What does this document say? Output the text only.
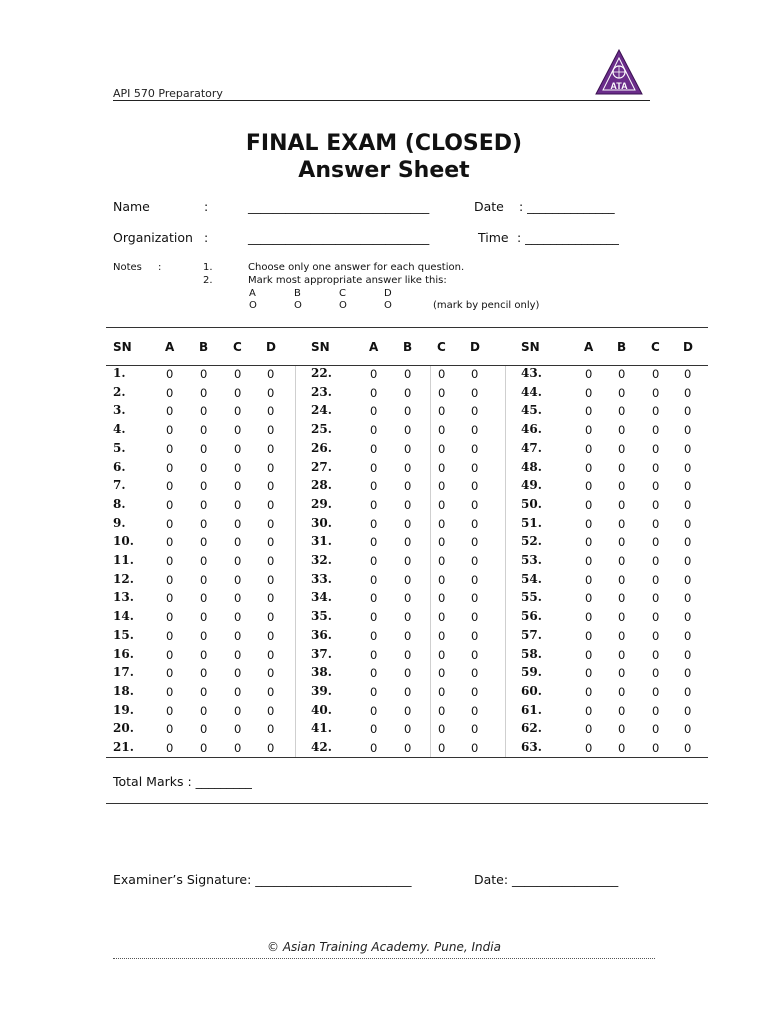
API 570 Preparatory
ATA
FINAL EXAM (CLOSED)
Answer Sheet
Name	:	_____________________________	Date : ______________
Organization :	_____________________________	Time : _______________
Notes :	1.	Choose only one answer for each question.
2.	Mark most appropriate answer like this:
A	B	C	D
O	O	O	O	(mark by pencil only)
SN	A B C D
1.	0 0 0 0
2.	0 0 0 0
3.	0 0 0 0
4.	0 0 0 0
5.	0 0 0 0
6.	0 0 0 0
7.	0 0 0 0
8.	0 0 0 0
9.	0 0 0 0
10.	0 0 0 0
11.	0 0 0 0
12.	0 0 0 0
13.	0 0 0 0
14.	0 0 0 0
15.	0 0 0 0
16.	0 0 0 0
17.	0 0 0 0
18.	0 0 0 0
19.	0 0 0 0
20.	0 0 0 0
21.	0 0 0 0
SN	A B C D
22.	0 0 0 0
23.	0 0 0 0
24.	0 0 0 0
25.	0 0 0 0
26.	0 0 0 0
27.	0 0 0 0
28.	0 0 0 0
29.	0 0 0 0
30.	0 0 0 0
31.	0 0 0 0
32.	0 0 0 0
33.	0 0 0 0
34.	0 0 0 0
35.	0 0 0 0
36.	0 0 0 0
37.	0 0 0 0
38.	0 0 0 0
39.	0 0 0 0
40.	0 0 0 0
41.	0 0 0 0
42.	0 0 0 0
SN	A B C D
43.	0 0 0 0
44.	0 0 0 0
45.	0 0 0 0
46.	0 0 0 0
47.	0 0 0 0
48.	0 0 0 0
49.	0 0 0 0
50.	0 0 0 0
51.	0 0 0 0
52.	0 0 0 0
53.	0 0 0 0
54.	0 0 0 0
55.	0 0 0 0
56.	0 0 0 0
57.	0 0 0 0
58.	0 0 0 0
59.	0 0 0 0
60.	0 0 0 0
61.	0 0 0 0
62.	0 0 0 0
63.	0 0 0 0
Total Marks : _________
Examiner’s Signature: _________________________	Date: _________________
© Asian Training Academy. Pune, India
